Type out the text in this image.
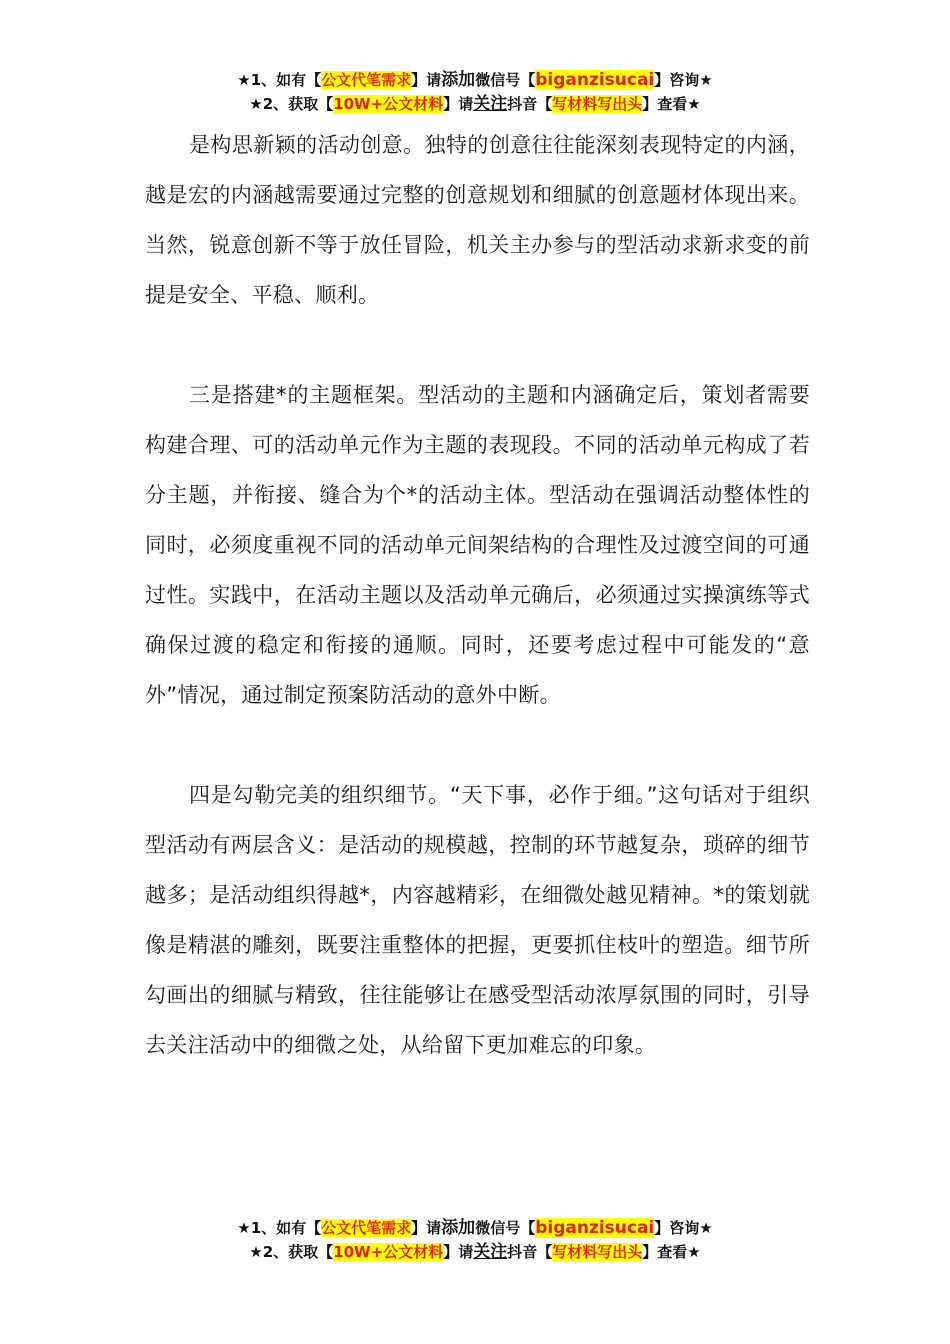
★1、如有【公文代笔需求】请添加微信号【biganzisucai】咨询★
★2、获取【10W+公文材料】请关注抖音【写材料写出头】查看★

是构思新颖的活动创意。独特的创意往往能深刻表现特定的内涵，越是宏的内涵越需要通过完整的创意规划和细腻的创意题材体现出来。当然，锐意创新不等于放任冒险，机关主办参与的型活动求新求变的前提是安全、平稳、顺利。

三是搭建*的主题框架。型活动的主题和内涵确定后，策划者需要构建合理、可的活动单元作为主题的表现段。不同的活动单元构成了若分主题，并衔接、缝合为个*的活动主体。型活动在强调活动整体性的同时，必须度重视不同的活动单元间架结构的合理性及过渡空间的可通过性。实践中，在活动主题以及活动单元确后，必须通过实操演练等式确保过渡的稳定和衔接的通顺。同时，还要考虑过程中可能发的“意外”情况，通过制定预案防活动的意外中断。

四是勾勒完美的组织细节。“天下事，必作于细。”这句话对于组织型活动有两层含义：是活动的规模越，控制的环节越复杂，琐碎的细节越多；是活动组织得越*，内容越精彩，在细微处越见精神。*的策划就像是精湛的雕刻，既要注重整体的把握，更要抓住枝叶的塑造。细节所勾画出的细腻与精致，往往能够让在感受型活动浓厚氛围的同时，引导去关注活动中的细微之处，从给留下更加难忘的印象。

★1、如有【公文代笔需求】请添加微信号【biganzisucai】咨询★
★2、获取【10W+公文材料】请关注抖音【写材料写出头】查看★
